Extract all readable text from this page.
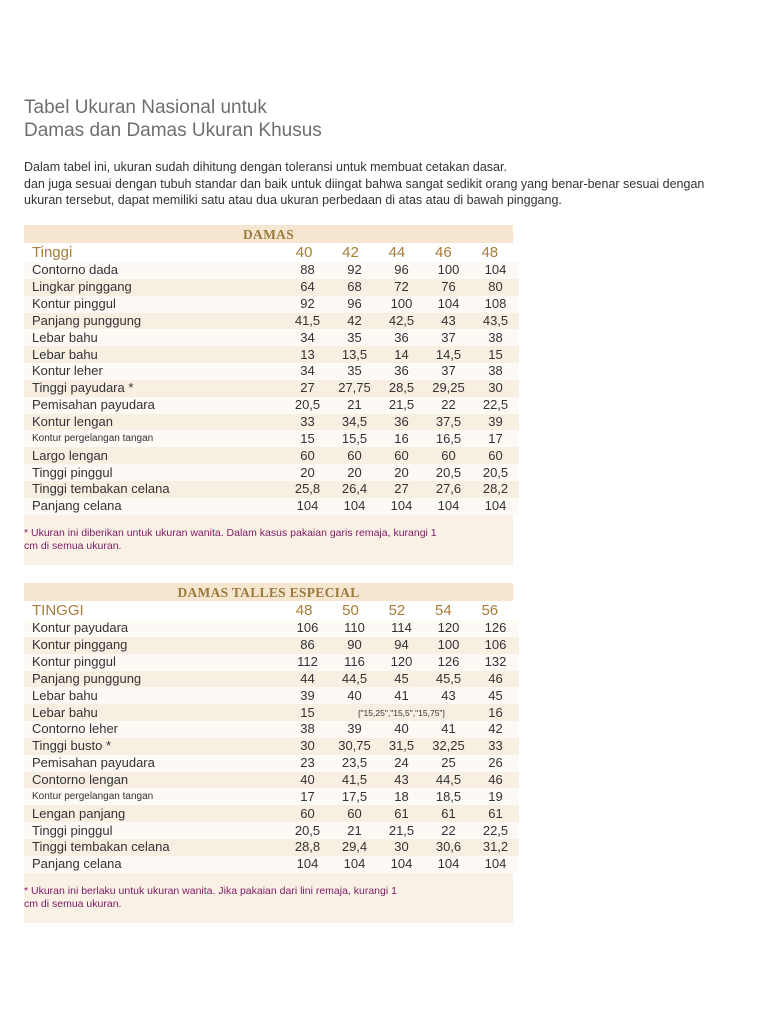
Tabel Ukuran Nasional untuk
Damas dan Damas Ukuran Khusus
Dalam tabel ini, ukuran sudah dihitung dengan toleransi untuk membuat cetakan dasar.
dan juga sesuai dengan tubuh standar dan baik untuk diingat bahwa sangat sedikit orang yang benar-benar sesuai dengan
ukuran tersebut, dapat memiliki satu atau dua ukuran perbedaan di atas atau di bawah pinggang.
DAMAS
Tinggi	40	42	44	46	48
Contorno dada	88	92	96	100	104
Lingkar pinggang	64	68	72	76	80
Kontur pinggul	92	96	100	104	108
Panjang punggung	41,5	42	42,5	43	43,5
Lebar bahu	34	35	36	37	38
Lebar bahu	13	13,5	14	14,5	15
Kontur leher	34	35	36	37	38
Tinggi payudara *	27	27,75	28,5	29,25	30
Pemisahan payudara	20,5	21	21,5	22	22,5
Kontur lengan	33	34,5	36	37,5	39
Kontur pergelangan tangan	15	15,5	16	16,5	17
Largo lengan	60	60	60	60	60
Tinggi pinggul	20	20	20	20,5	20,5
Tinggi tembakan celana	25,8	26,4	27	27,6	28,2
Panjang celana	104	104	104	104	104
* Ukuran ini diberikan untuk ukuran wanita. Dalam kasus pakaian garis remaja, kurangi 1
cm di semua ukuran.
DAMAS TALLES ESPECIAL
TINGGI	48	50	52	54	56
Kontur payudara	106	110	114	120	126
Kontur pinggang	86	90	94	100	106
Kontur pinggul	112	116	120	126	132
Panjang punggung	44	44,5	45	45,5	46
Lebar bahu	39	40	41	43	45
Lebar bahu	15	["15,25","15,5","15,75"]			16
Contorno leher	38	39	40	41	42
Tinggi busto *	30	30,75	31,5	32,25	33
Pemisahan payudara	23	23,5	24	25	26
Contorno lengan	40	41,5	43	44,5	46
Kontur pergelangan tangan	17	17,5	18	18,5	19
Lengan panjang	60	60	61	61	61
Tinggi pinggul	20,5	21	21,5	22	22,5
Tinggi tembakan celana	28,8	29,4	30	30,6	31,2
Panjang celana	104	104	104	104	104
* Ukuran ini berlaku untuk ukuran wanita. Jika pakaian dari lini remaja, kurangi 1
cm di semua ukuran.
